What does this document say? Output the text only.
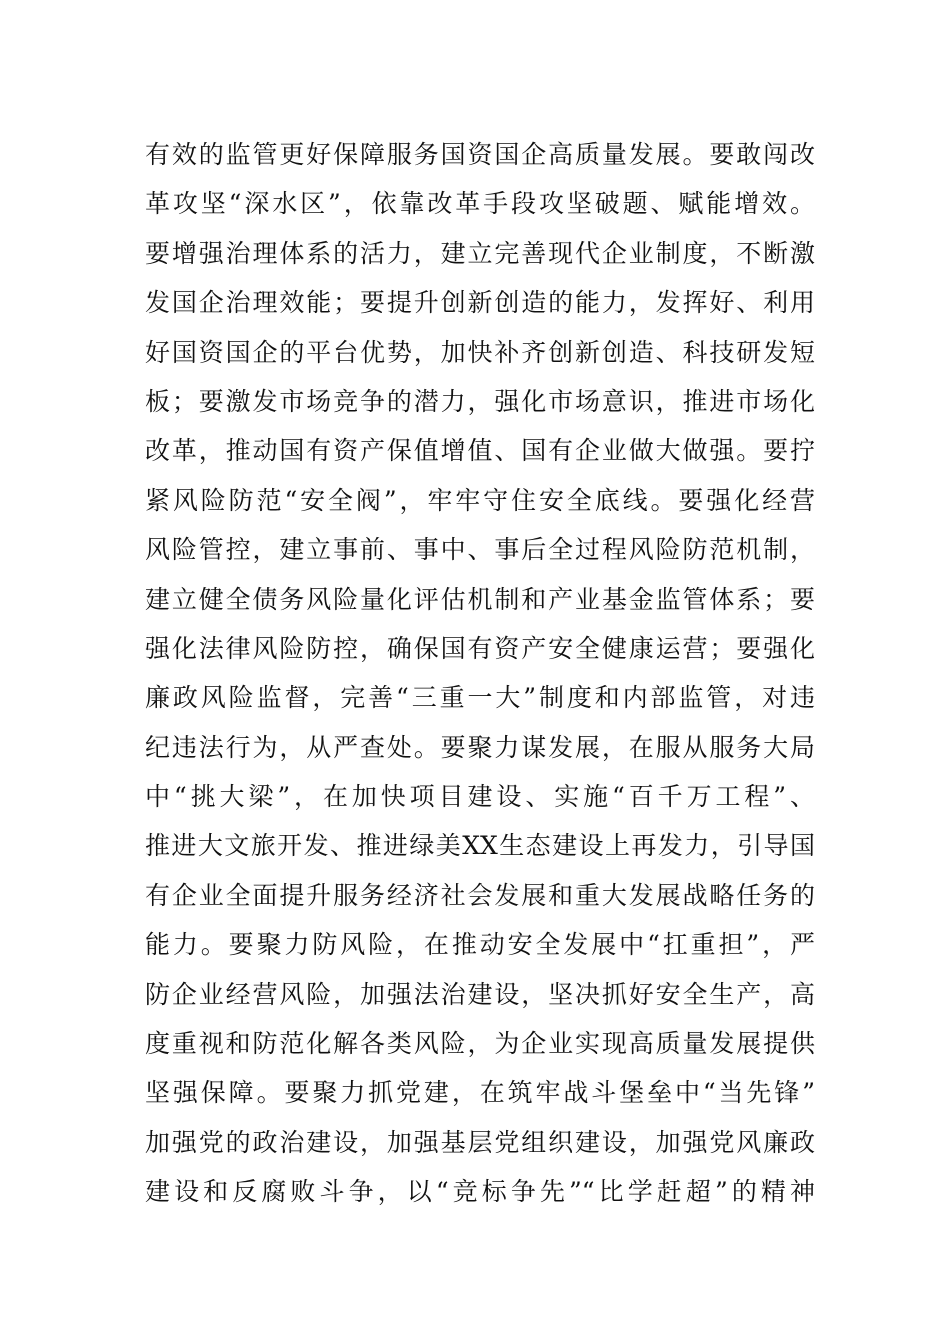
有效的监管更好保障服务国资国企高质量发展。要敢闯改
革攻坚“深水区”，依靠改革手段攻坚破题、赋能增效。
要增强治理体系的活力，建立完善现代企业制度，不断激
发国企治理效能；要提升创新创造的能力，发挥好、利用
好国资国企的平台优势，加快补齐创新创造、科技研发短
板；要激发市场竞争的潜力，强化市场意识，推进市场化
改革，推动国有资产保值增值、国有企业做大做强。要拧
紧风险防范“安全阀”，牢牢守住安全底线。要强化经营
风险管控，建立事前、事中、事后全过程风险防范机制，
建立健全债务风险量化评估机制和产业基金监管体系；要
强化法律风险防控，确保国有资产安全健康运营；要强化
廉政风险监督，完善“三重一大”制度和内部监管，对违
纪违法行为，从严查处。要聚力谋发展，在服从服务大局
中“挑大梁”，在加快项目建设、实施“百千万工程”、
推进大文旅开发、推进绿美XX生态建设上再发力，引导国
有企业全面提升服务经济社会发展和重大发展战略任务的
能力。要聚力防风险，在推动安全发展中“扛重担”，严
防企业经营风险，加强法治建设，坚决抓好安全生产，高
度重视和防范化解各类风险，为企业实现高质量发展提供
坚强保障。要聚力抓党建，在筑牢战斗堡垒中“当先锋”
加强党的政治建设，加强基层党组织建设，加强党风廉政
建设和反腐败斗争，以“竞标争先”“比学赶超”的精神
